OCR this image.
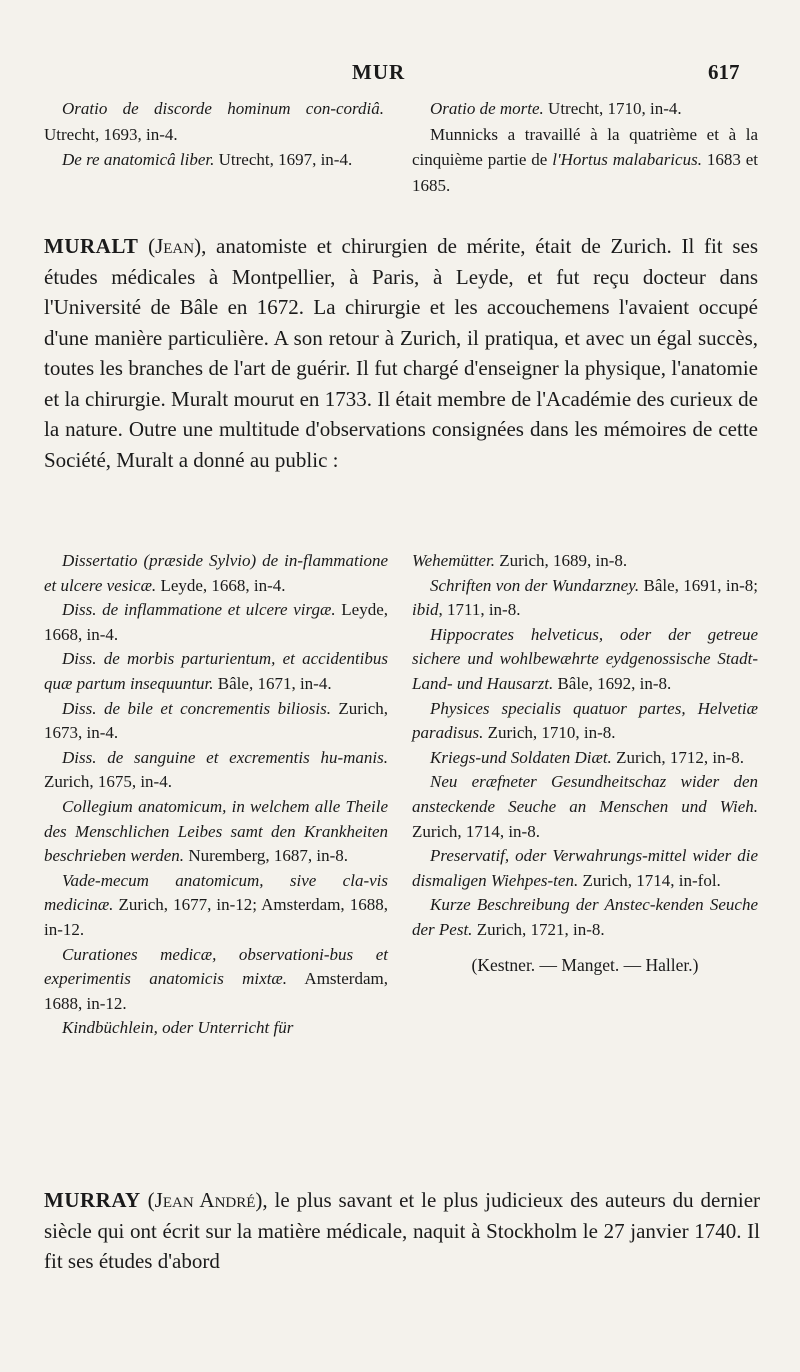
MUR	617

Oratio de discorde hominum con-cordiâ. Utrecht, 1693, in-4.

De re anatomicâ liber. Utrecht, 1697, in-4.

Oratio de morte. Utrecht, 1710, in-4.

Munnicks a travaillé à la quatrième et à la cinquième partie de l'Hortus malabaricus. 1683 et 1685.

MURALT (Jean), anatomiste et chirurgien de mérite, était de Zurich. Il fit ses études médicales à Montpellier, à Paris, à Leyde, et fut reçu docteur dans l'Université de Bâle en 1672. La chirurgie et les accouchemens l'avaient occupé d'une manière particulière. A son retour à Zurich, il pratiqua, et avec un égal succès, toutes les branches de l'art de guérir. Il fut chargé d'enseigner la physique, l'anatomie et la chirurgie. Muralt mourut en 1733. Il était membre de l'Académie des curieux de la nature. Outre une multitude d'observations consignées dans les mémoires de cette Société, Muralt a donné au public :

Dissertatio (præside Sylvio) de in-flammatione et ulcere vesicæ. Leyde, 1668, in-4.

Diss. de inflammatione et ulcere virgæ. Leyde, 1668, in-4.

Diss. de morbis parturientum, et accidentibus quæ partum insequuntur. Bâle, 1671, in-4.

Diss. de bile et concrementis biliosis. Zurich, 1673, in-4.

Diss. de sanguine et excrementis hu-manis. Zurich, 1675, in-4.

Collegium anatomicum, in welchem alle Theile des Menschlichen Leibes samt den Krankheiten beschrieben werden. Nuremberg, 1687, in-8.

Vade-mecum anatomicum, sive cla-vis medicinæ. Zurich, 1677, in-12; Amsterdam, 1688, in-12.

Curationes medicæ, observationi-bus et experimentis anatomicis mixtæ. Amsterdam, 1688, in-12.

Kindbüchlein, oder Unterricht für

Wehemütter. Zurich, 1689, in-8.

Schriften von der Wundarzney. Bâle, 1691, in-8; ibid, 1711, in-8.

Hippocrates helveticus, oder der getreue sichere und wohlbewæhrte eydgenossische Stadt- Land- und Hausarzt. Bâle, 1692, in-8.

Physices specialis quatuor partes, Helvetiæ paradisus. Zurich, 1710, in-8.

Kriegs-und Soldaten Diæt. Zurich, 1712, in-8.

Neu eræfneter Gesundheitschaz wider den ansteckende Seuche an Menschen und Wieh. Zurich, 1714, in-8.

Preservatif, oder Verwahrungs-mittel wider die dismaligen Wiehpes-ten. Zurich, 1714, in-fol.

Kurze Beschreibung der Anstec-kenden Seuche der Pest. Zurich, 1721, in-8.

(Kestner. — Manget. — Haller.)

MURRAY (Jean André), le plus savant et le plus judicieux des auteurs du dernier siècle qui ont écrit sur la matière médicale, naquit à Stockholm le 27 janvier 1740. Il fit ses études d'abord
